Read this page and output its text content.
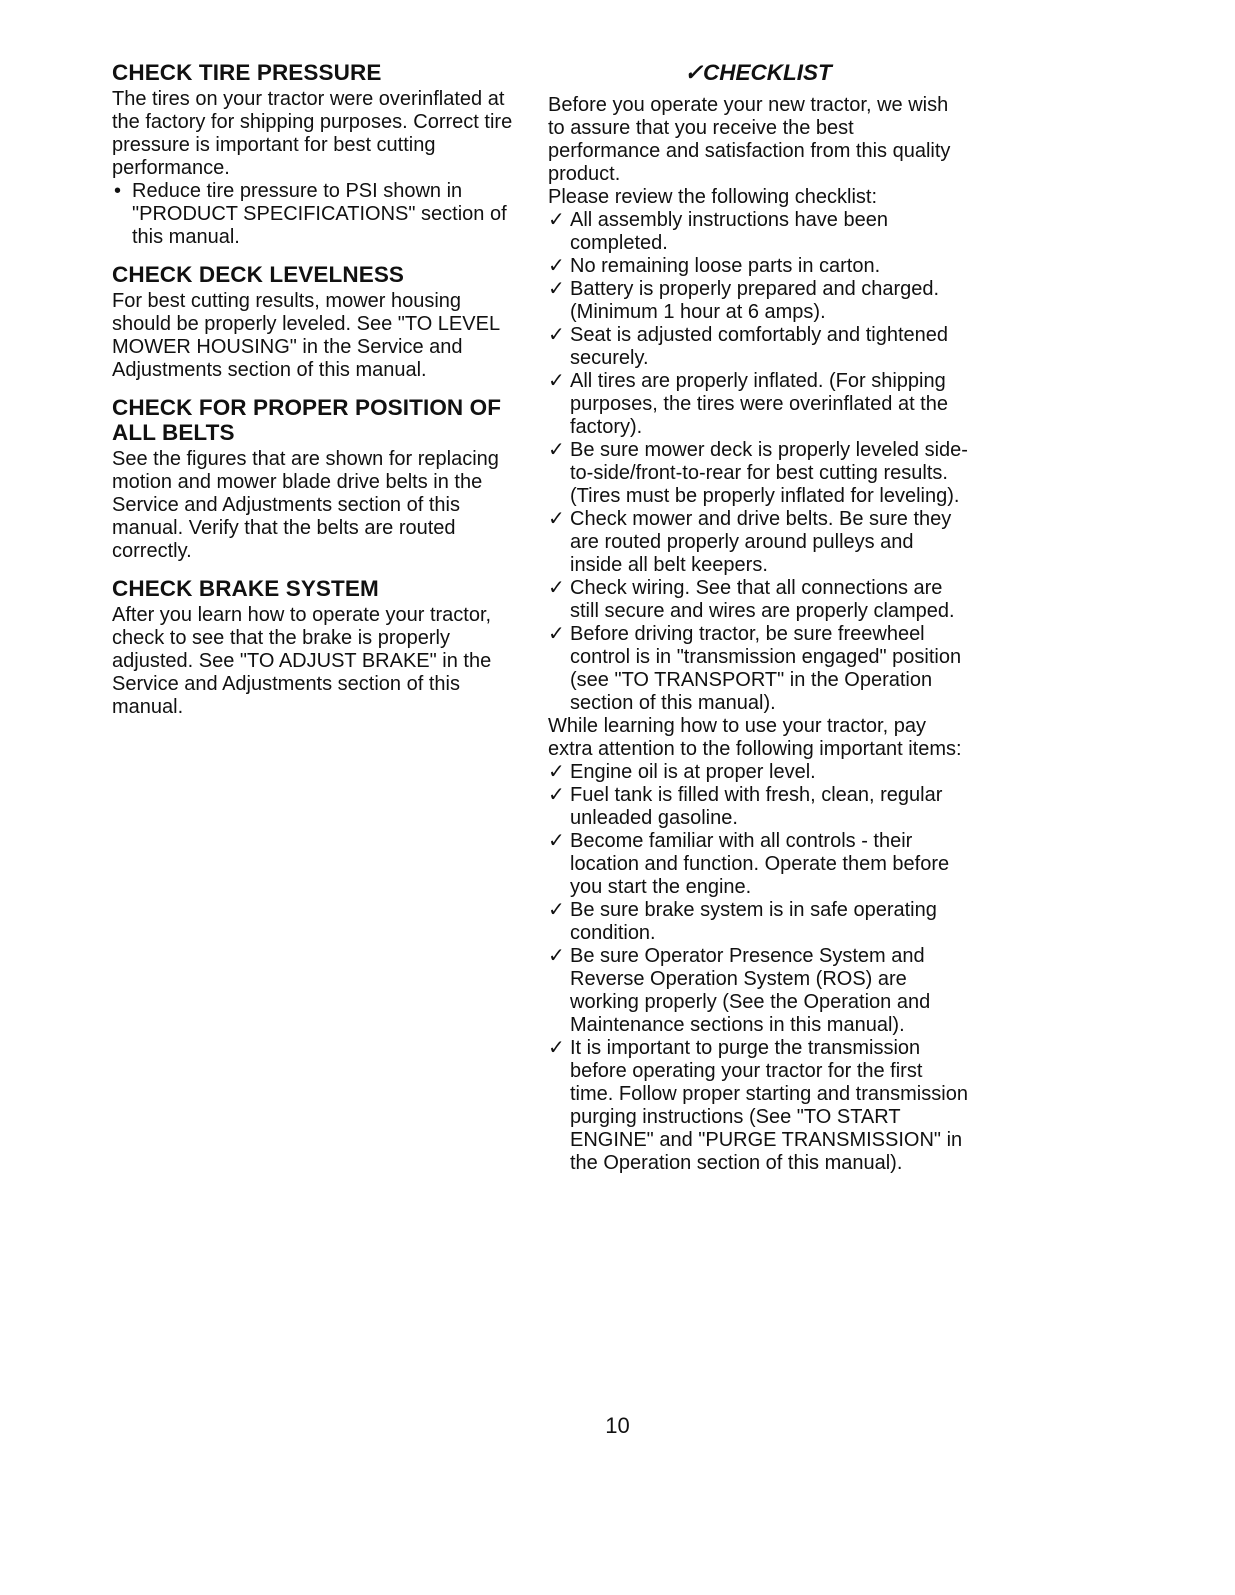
CHECK TIRE PRESSURE

The tires on your tractor were overinflated at the factory for shipping purposes. Correct tire pressure is important for best cutting performance.

• Reduce tire pressure to PSI shown in "PRODUCT SPECIFICATIONS" section of this manual.
CHECK DECK LEVELNESS

For best cutting results, mower housing should be properly leveled. See "TO LEVEL MOWER HOUSING" in the Service and Adjustments section of this manual.

CHECK FOR PROPER POSITION OF ALL BELTS

See the figures that are shown for replacing motion and mower blade drive belts in the Service and Adjustments section of this manual. Verify that the belts are routed correctly.

CHECK BRAKE SYSTEM

After you learn how to operate your tractor, check to see that the brake is properly adjusted. See "TO ADJUST BRAKE" in the Service and Adjustments section of this manual.

✓CHECKLIST

Before you operate your new tractor, we wish to assure that you receive the best performance and satisfaction from this quality product.

Please review the following checklist:

✓ All assembly instructions have been completed.
✓ No remaining loose parts in carton.
✓ Battery is properly prepared and charged. (Minimum 1 hour at 6 amps).
✓ Seat is adjusted comfortably and tightened securely.
✓ All tires are properly inflated. (For shipping purposes, the tires were overinflated at the factory).
✓ Be sure mower deck is properly leveled side-to-side/front-to-rear for best cutting results. (Tires must be properly inflated for leveling).
✓ Check mower and drive belts. Be sure they are routed properly around pulleys and inside all belt keepers.
✓ Check wiring. See that all connections are still secure and wires are properly clamped.
✓ Before driving tractor, be sure freewheel control is in "transmission engaged" position (see "TO TRANSPORT" in the Operation section of this manual).

While learning how to use your tractor, pay extra attention to the following important items:

✓ Engine oil is at proper level.
✓ Fuel tank is filled with fresh, clean, regular unleaded gasoline.
✓ Become familiar with all controls - their location and function. Operate them before you start the engine.
✓ Be sure brake system is in safe operating condition.
✓ Be sure Operator Presence System and Reverse Operation System (ROS) are working properly (See the Operation and Maintenance sections in this manual).
✓ It is important to purge the transmission before operating your tractor for the first time. Follow proper starting and transmission purging instructions (See "TO START ENGINE" and "PURGE TRANSMISSION" in the Operation section of this manual).
10
